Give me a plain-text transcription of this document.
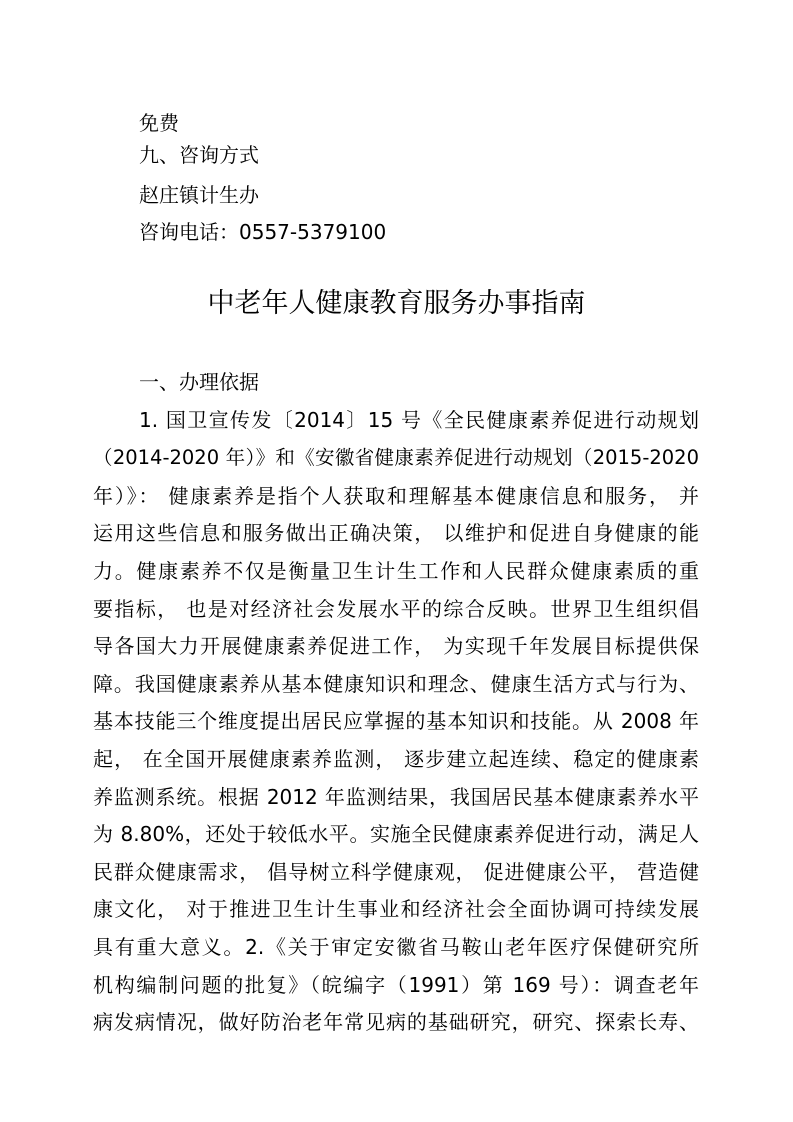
免费
九、咨询方式
赵庄镇计生办
咨询电话：0557-5379100
中老年人健康教育服务办事指南
一、办理依据
1. 国卫宣传发〔2014〕15 号《全民健康素养促进行动规划
（2014-2020 年）》和《安徽省健康素养促进行动规划（2015-2020
年）》： 健康素养是指个人获取和理解基本健康信息和服务， 并
运用这些信息和服务做出正确决策， 以维护和促进自身健康的能
力。健康素养不仅是衡量卫生计生工作和人民群众健康素质的重
要指标， 也是对经济社会发展水平的综合反映。世界卫生组织倡
导各国大力开展健康素养促进工作， 为实现千年发展目标提供保
障。我国健康素养从基本健康知识和理念、健康生活方式与行为、
基本技能三个维度提出居民应掌握的基本知识和技能。从 2008 年
起， 在全国开展健康素养监测， 逐步建立起连续、稳定的健康素
养监测系统。根据 2012 年监测结果，我国居民基本健康素养水平
为 8.80%，还处于较低水平。实施全民健康素养促进行动，满足人
民群众健康需求， 倡导树立科学健康观， 促进健康公平， 营造健
康文化， 对于推进卫生计生事业和经济社会全面协调可持续发展
具有重大意义。2.《关于审定安徽省马鞍山老年医疗保健研究所
机构编制问题的批复》（皖编字（1991）第 169 号）：调查老年
病发病情况，做好防治老年常见病的基础研究，研究、探索长寿、
